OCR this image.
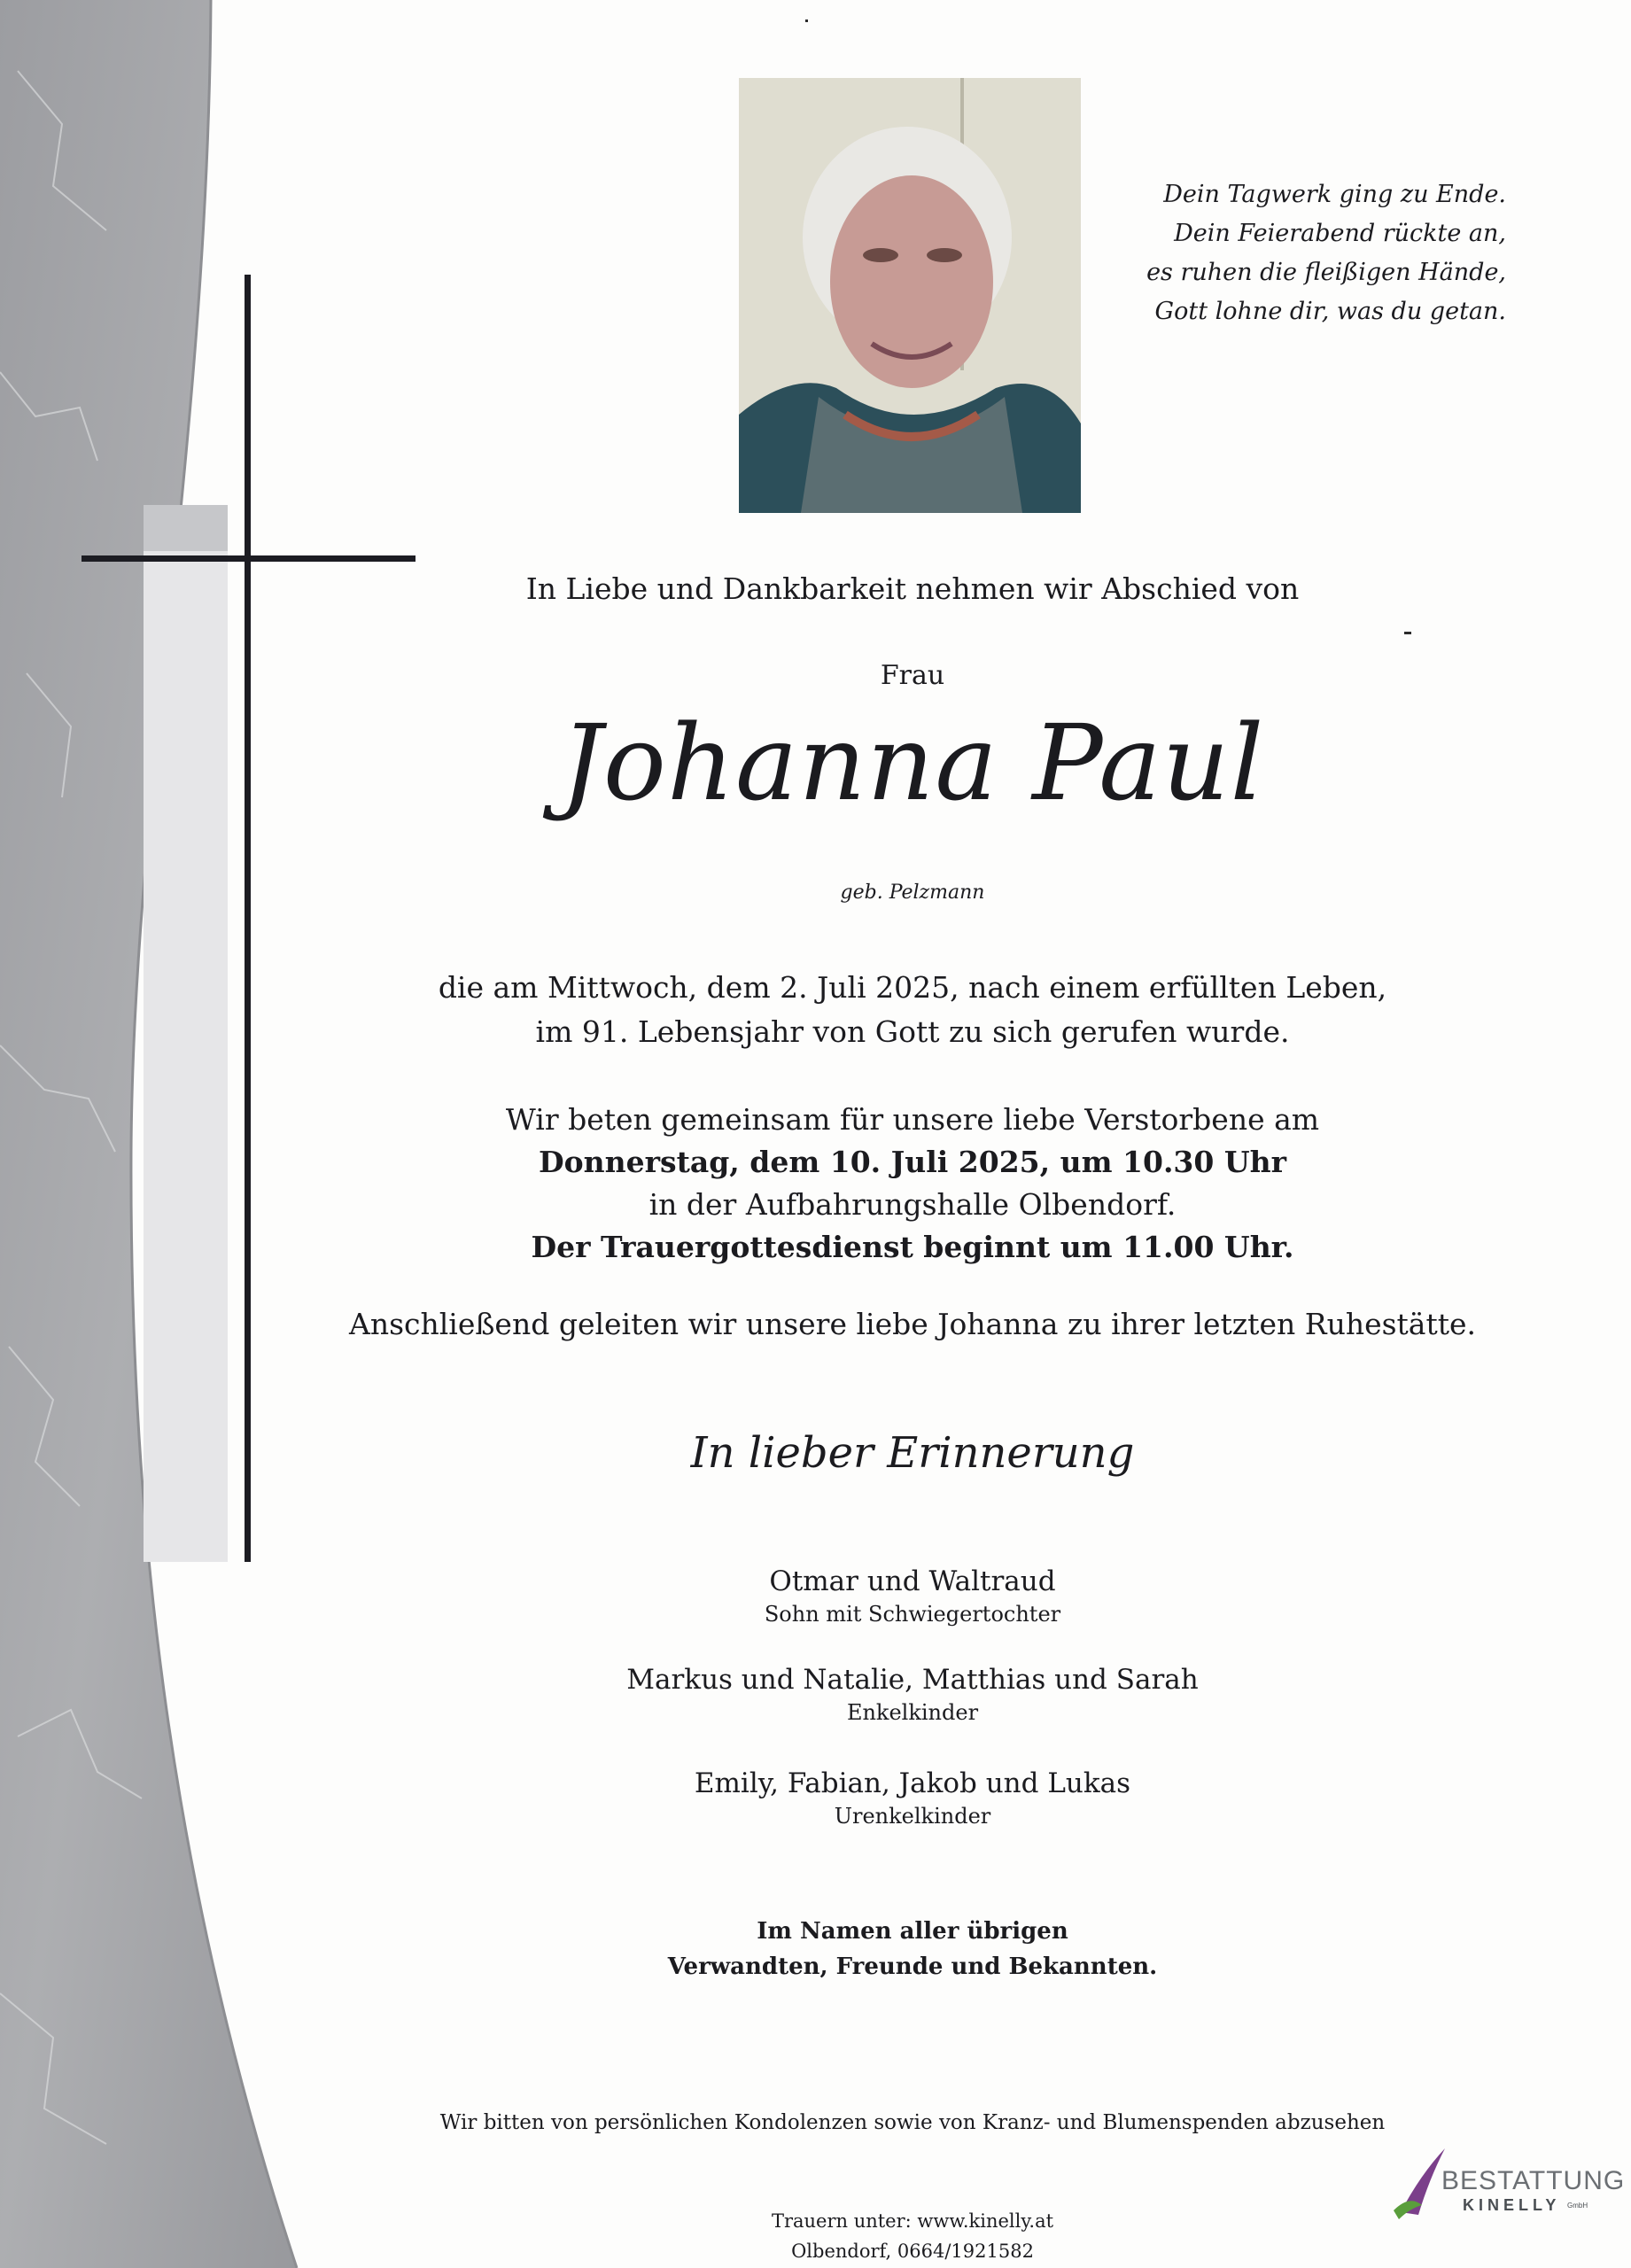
Dein Tagwerk ging zu Ende.
Dein Feierabend rückte an,
es ruhen die fleißigen Hände,
Gott lohne dir, was du getan.
In Liebe und Dankbarkeit nehmen wir Abschied von
Frau
Johanna Paul
geb. Pelzmann
die am Mittwoch, dem 2. Juli 2025, nach einem erfüllten Leben,
im 91. Lebensjahr von Gott zu sich gerufen wurde.
Wir beten gemeinsam für unsere liebe Verstorbene am
Donnerstag, dem 10. Juli 2025, um 10.30 Uhr
in der Aufbahrungshalle Olbendorf.
Der Trauergottesdienst beginnt um 11.00 Uhr.
Anschließend geleiten wir unsere liebe Johanna zu ihrer letzten Ruhestätte.
In lieber Erinnerung
Otmar und Waltraud
Sohn mit Schwiegertochter
Markus und Natalie, Matthias und Sarah
Enkelkinder
Emily, Fabian, Jakob und Lukas
Urenkelkinder
Im Namen aller übrigen
Verwandten, Freunde und Bekannten.
Wir bitten von persönlichen Kondolenzen sowie von Kranz- und Blumenspenden abzusehen
Trauern unter: www.kinelly.at
Olbendorf, 0664/1921582
BESTATTUNG
KINELLY GmbH
